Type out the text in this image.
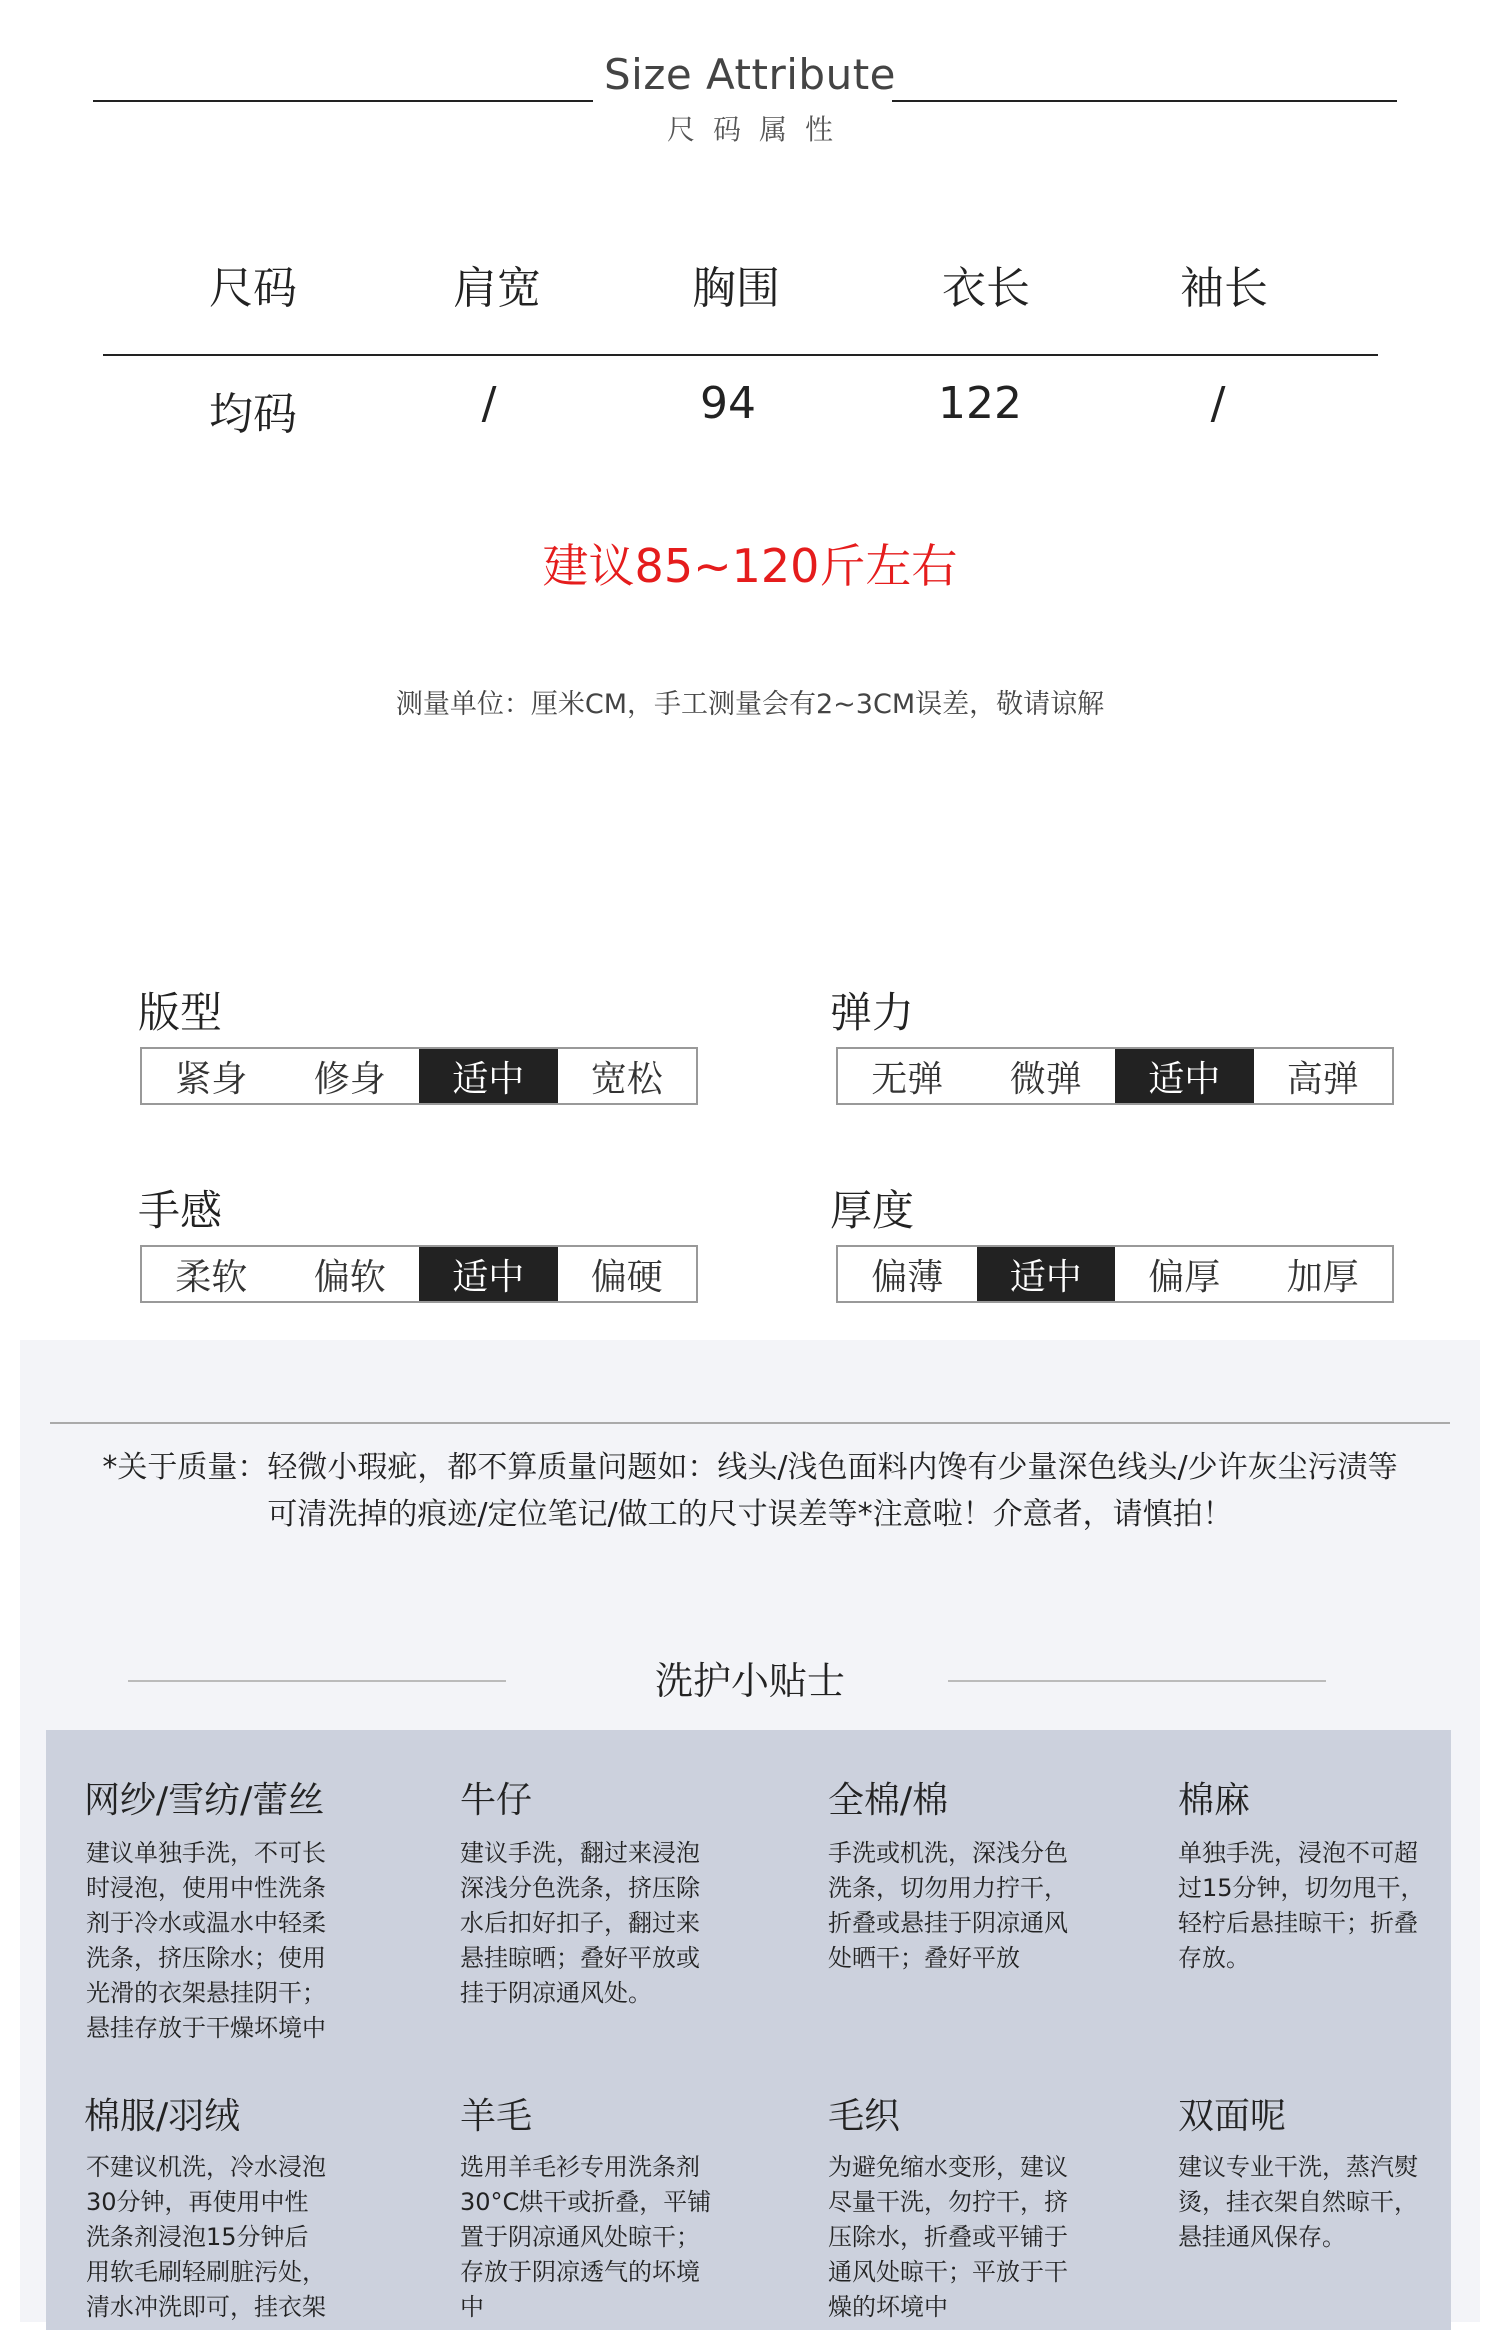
Size Attribute
尺码属性
尺码	肩宽	胸围	衣长	袖长
均码	/	94	122	/
建议85~120斤左右
测量单位：厘米CM，手工测量会有2~3CM误差，敬请谅解
版型
紧身	修身	适中	宽松
弹力
无弹	微弹	适中	高弹
手感
柔软	偏软	适中	偏硬
厚度
偏薄	适中	偏厚	加厚
*关于质量：轻微小瑕疵，都不算质量问题如：线头/浅色面料内馋有少量深色线头/少许灰尘污渍等
可清洗掉的痕迹/定位笔记/做工的尺寸误差等*注意啦！介意者，请慎拍！
洗护小贴士
网纱/雪纺/蕾丝
建议单独手洗，不可长
时浸泡，使用中性洗条
剂于冷水或温水中轻柔
洗条，挤压除水；使用
光滑的衣架悬挂阴干；
悬挂存放于干燥坏境中
牛仔
建议手洗，翻过来浸泡
深浅分色洗条，挤压除
水后扣好扣子，翻过来
悬挂晾晒；叠好平放或
挂于阴凉通风处。
全棉/棉
手洗或机洗，深浅分色
洗条，切勿用力拧干，
折叠或悬挂于阴凉通风
处晒干；叠好平放
棉麻
单独手洗，浸泡不可超
过15分钟，切勿甩干，
轻柠后悬挂晾干；折叠
存放。
棉服/羽绒
不建议机洗，冷水浸泡
30分钟，再使用中性
洗条剂浸泡15分钟后
用软毛刷轻刷脏污处，
清水冲洗即可，挂衣架
羊毛
选用羊毛衫专用洗条剂
30°C烘干或折叠，平铺
置于阴凉通风处晾干；
存放于阴凉透气的坏境
中
毛织
为避免缩水变形，建议
尽量干洗，勿拧干，挤
压除水，折叠或平铺于
通风处晾干；平放于干
燥的坏境中
双面呢
建议专业干洗，蒸汽熨
烫，挂衣架自然晾干，
悬挂通风保存。
